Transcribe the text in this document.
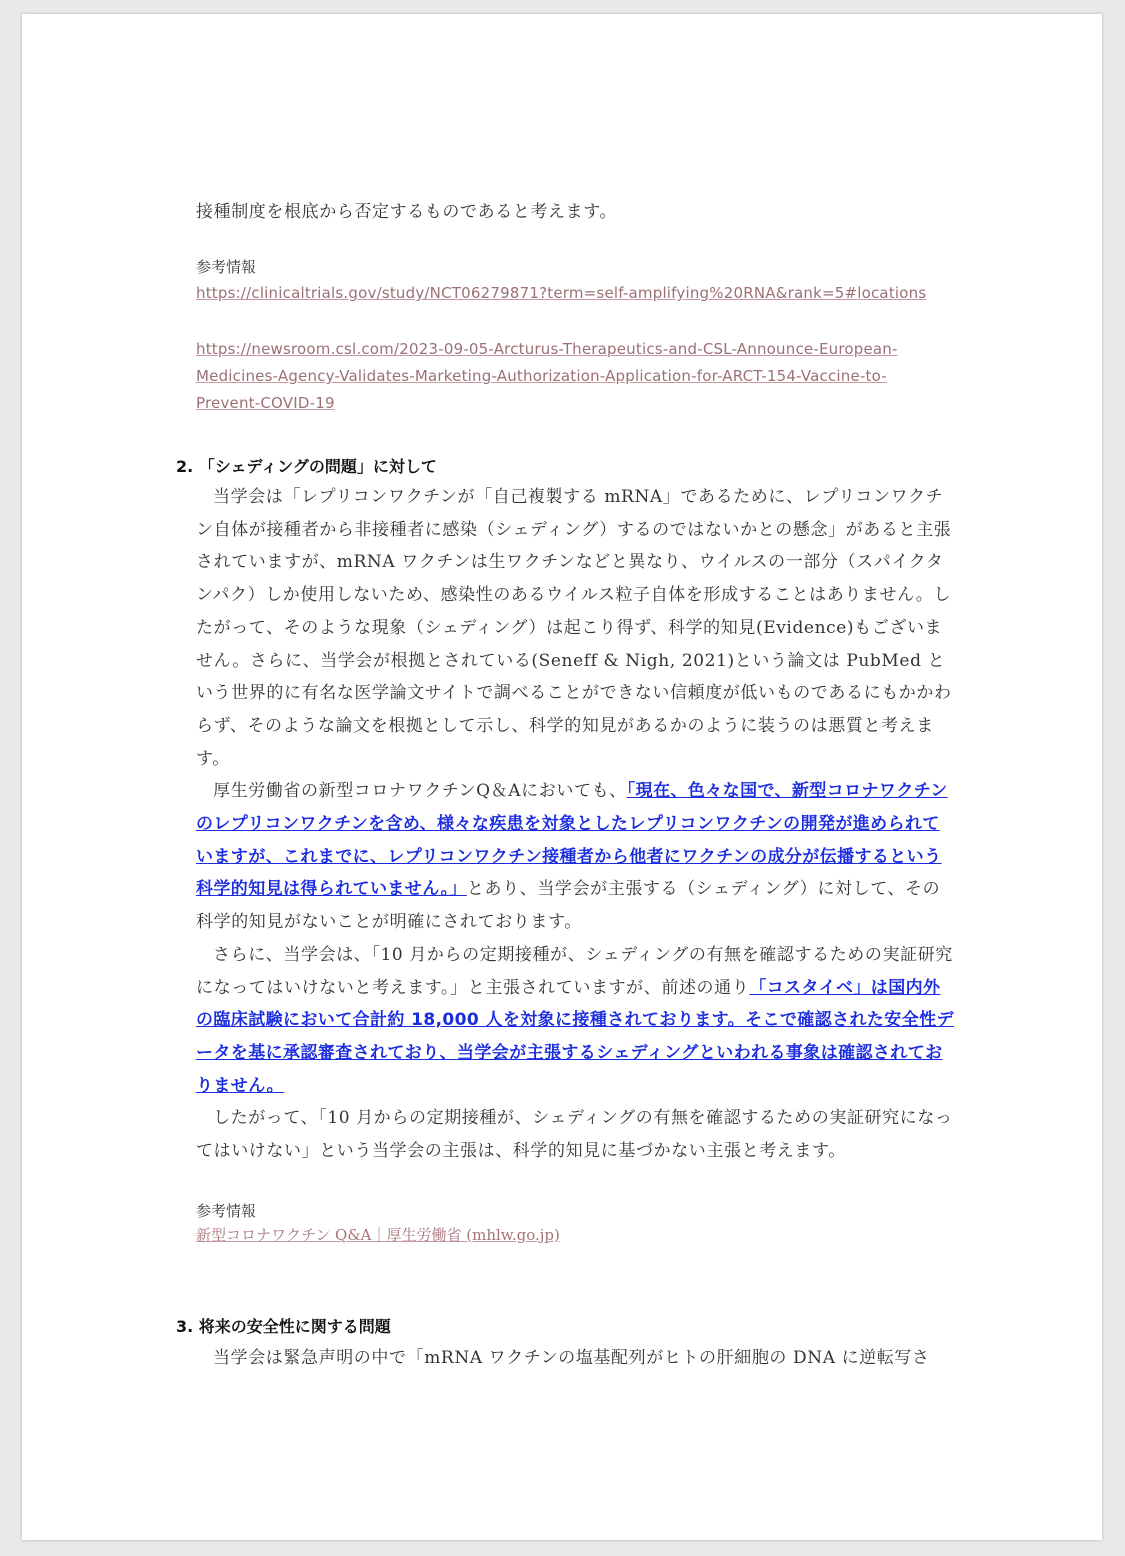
接種制度を根底から否定するものであると考えます。
参考情報
https://clinicaltrials.gov/study/NCT06279871?term=self-amplifying%20RNA&rank=5#locations
https://newsroom.csl.com/2023-09-05-Arcturus-Therapeutics-and-CSL-Announce-European-
Medicines-Agency-Validates-Marketing-Authorization-Application-for-ARCT-154-Vaccine-to-
Prevent-COVID-19
2. 「シェディングの問題」に対して

当学会は「レプリコンワクチンが「自己複製する mRNA」であるために、レプリコンワクチン自体が接種者から非接種者に感染（シェディング）するのではないかとの懸念」があると主張されていますが、mRNA ワクチンは生ワクチンなどと異なり、ウイルスの一部分（スパイクタンパク）しか使用しないため、感染性のあるウイルス粒子自体を形成することはありません。したがって、そのような現象（シェディング）は起こり得ず、科学的知見(Evidence)もございません。さらに、当学会が根拠とされている(Seneff & Nigh, 2021)という論文は PubMed という世界的に有名な医学論文サイトで調べることができない信頼度が低いものであるにもかかわらず、そのような論文を根拠として示し、科学的知見があるかのように装うのは悪質と考えます。

厚生労働省の新型コロナワクチンQ＆Aにおいても、「現在、色々な国で、新型コロナワクチンのレプリコンワクチンを含め、様々な疾患を対象としたレプリコンワクチンの開発が進められていますが、これまでに、レプリコンワクチン接種者から他者にワクチンの成分が伝播するという科学的知見は得られていません。」とあり、当学会が主張する（シェディング）に対して、その科学的知見がないことが明確にされております。

さらに、当学会は、「10 月からの定期接種が、シェディングの有無を確認するための実証研究になってはいけないと考えます。」と主張されていますが、前述の通り「コスタイベ」は国内外の臨床試験において合計約 18,000 人を対象に接種されております。そこで確認された安全性データを基に承認審査されており、当学会が主張するシェディングといわれる事象は確認されておりません。

したがって、「10 月からの定期接種が、シェディングの有無を確認するための実証研究になってはいけない」という当学会の主張は、科学的知見に基づかない主張と考えます。

参考情報
新型コロナワクチン Q&A｜厚生労働省 (mhlw.go.jp)
3. 将来の安全性に関する問題

当学会は緊急声明の中で「mRNA ワクチンの塩基配列がヒトの肝細胞の DNA に逆転写さ
